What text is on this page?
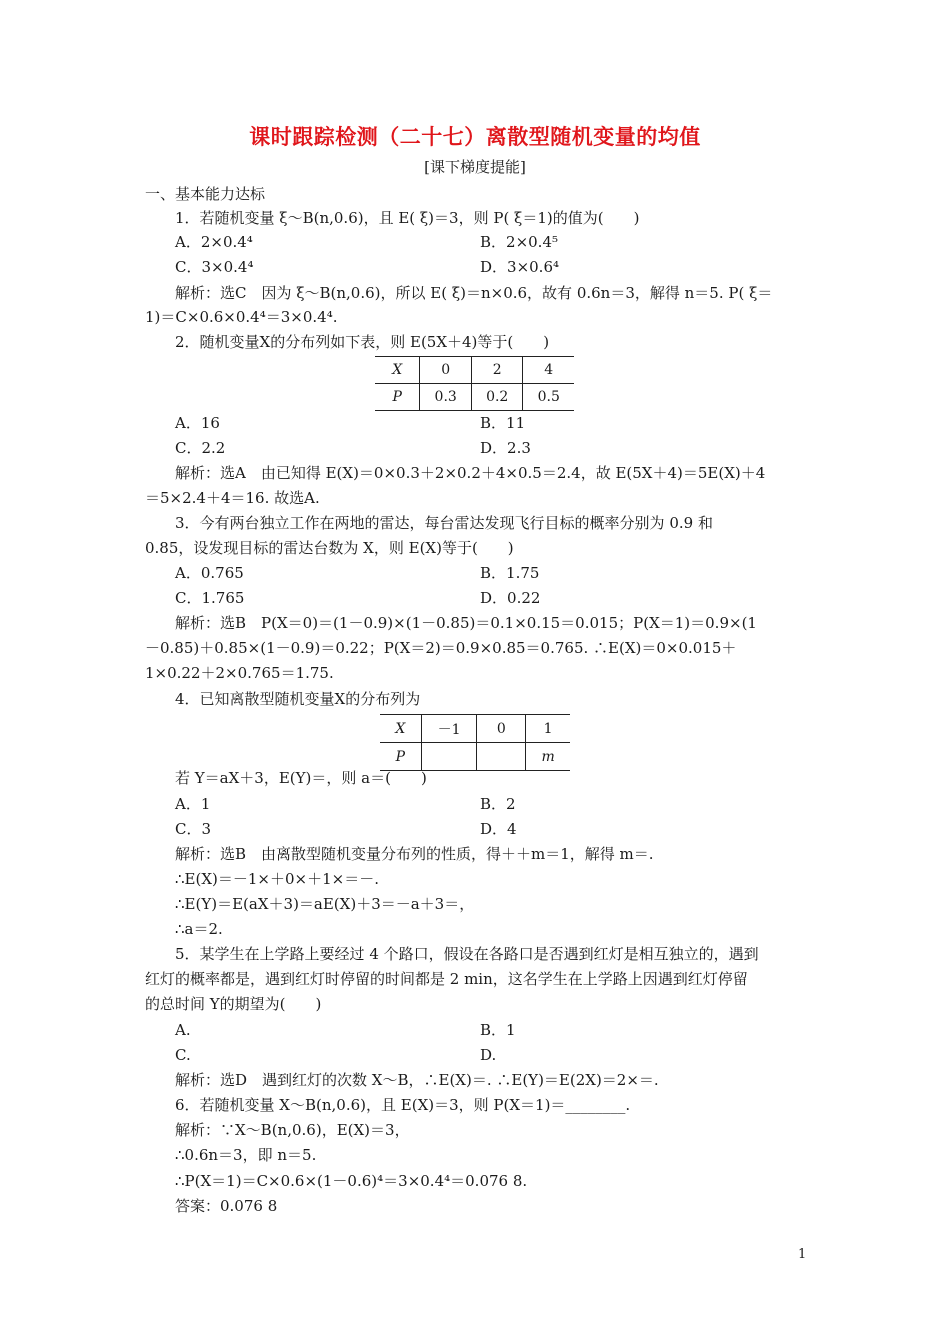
课时跟踪检测（二十七）离散型随机变量的均值
[课下梯度提能]
一、基本能力达标
1．若随机变量 ξ～B(n,0.6)，且 E( ξ)＝3，则 P( ξ＝1)的值为(　　)
A．2×0.4⁴	B．2×0.4⁵
C．3×0.4⁴	D．3×0.6⁴
解析：选C　因为 ξ～B(n,0.6)，所以 E( ξ)＝n×0.6，故有 0.6n＝3，解得 n＝5. P( ξ＝
1)＝C×0.6×0.4⁴＝3×0.4⁴.
2．随机变量X的分布列如下表，则 E(5X＋4)等于(　　)
X	0	2	4
P	0.3	0.2	0.5
A．16	B．11
C．2.2	D．2.3
解析：选A　由已知得 E(X)＝0×0.3＋2×0.2＋4×0.5＝2.4，故 E(5X＋4)＝5E(X)＋4
＝5×2.4＋4＝16. 故选A.
3．今有两台独立工作在两地的雷达，每台雷达发现飞行目标的概率分别为 0.9 和
0.85，设发现目标的雷达台数为 X，则 E(X)等于(　　)
A．0.765	B．1.75
C．1.765	D．0.22
解析：选B　P(X＝0)＝(1－0.9)×(1－0.85)＝0.1×0.15＝0.015；P(X＝1)＝0.9×(1
－0.85)＋0.85×(1－0.9)＝0.22；P(X＝2)＝0.9×0.85＝0.765. ∴E(X)＝0×0.015＋
1×0.22＋2×0.765＝1.75.
4．已知离散型随机变量X的分布列为
X	－1	0	1
P			m
若 Y＝aX＋3，E(Y)＝，则 a＝(　　)
A．1	B．2
C．3	D．4
解析：选B　由离散型随机变量分布列的性质，得＋＋m＝1，解得 m＝.
∴E(X)＝－1×＋0×＋1×＝－.
∴E(Y)＝E(aX＋3)＝aE(X)＋3＝－a＋3＝，
∴a＝2.
5．某学生在上学路上要经过 4 个路口，假设在各路口是否遇到红灯是相互独立的，遇到
红灯的概率都是，遇到红灯时停留的时间都是 2 min，这名学生在上学路上因遇到红灯停留
的总时间 Y的期望为(　　)
A.	B．1
C.	D.
解析：选D　遇到红灯的次数 X～B，∴E(X)＝. ∴E(Y)＝E(2X)＝2×＝.
6．若随机变量 X～B(n,0.6)，且 E(X)＝3，则 P(X＝1)＝________.
解析：∵X～B(n,0.6)，E(X)＝3，
∴0.6n＝3，即 n＝5.
∴P(X＝1)＝C×0.6×(1－0.6)⁴＝3×0.4⁴＝0.076 8.
答案：0.076 8
1
